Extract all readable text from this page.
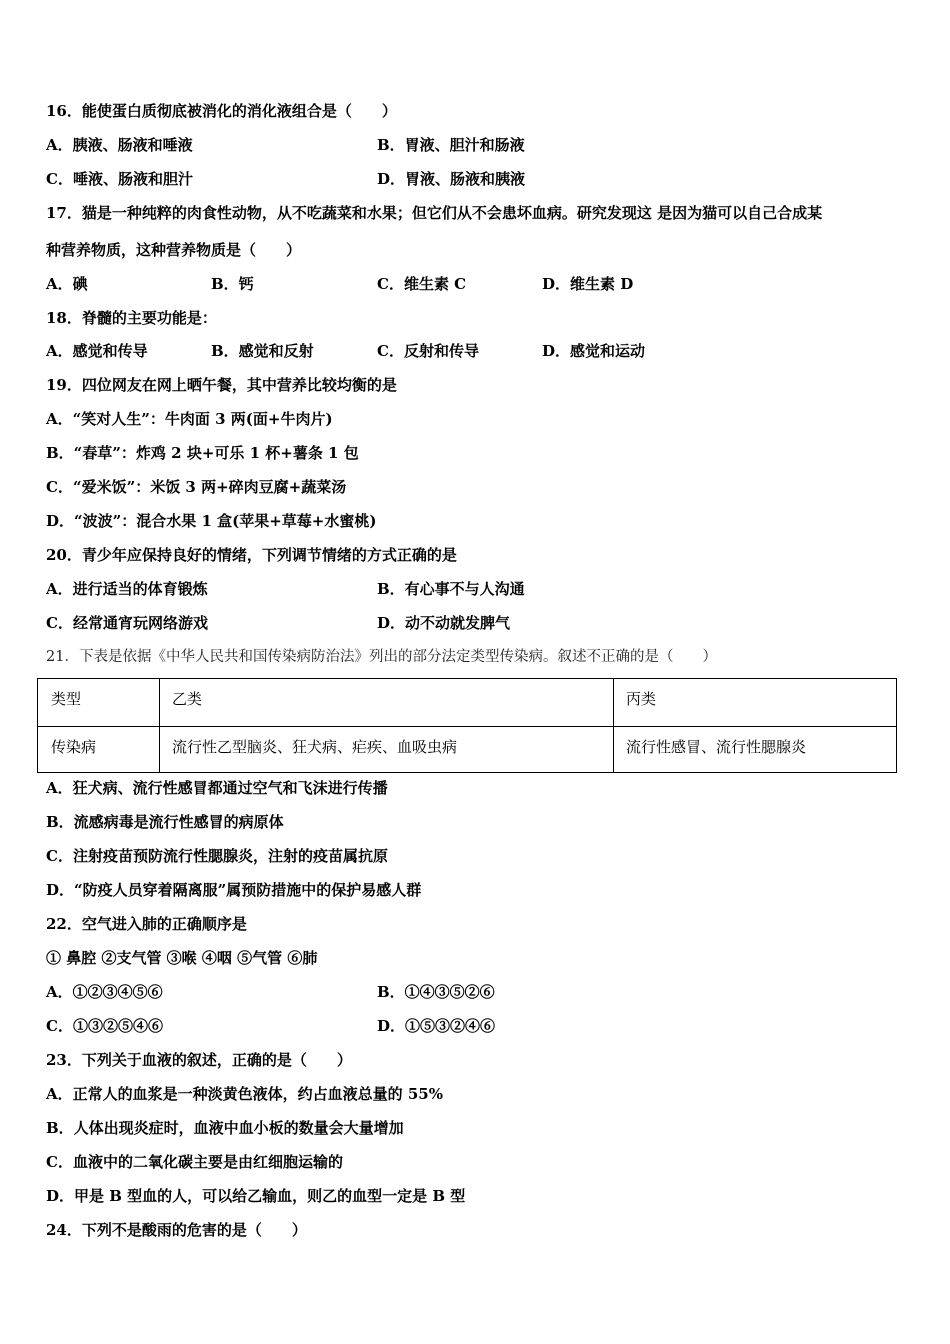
16．能使蛋白质彻底被消化的消化液组合是（　　）
A．胰液、肠液和唾液	B．胃液、胆汁和肠液
C．唾液、肠液和胆汁	D．胃液、肠液和胰液
17．猫是一种纯粹的肉食性动物，从不吃蔬菜和水果；但它们从不会患坏血病。研究发现这 是因为猫可以自己合成某
种营养物质，这种营养物质是（　　）
A．碘	B．钙	C．维生素 C	D．维生素 D
18．脊髓的主要功能是：
A．感觉和传导	B．感觉和反射	C．反射和传导	D．感觉和运动
19．四位网友在网上晒午餐，其中营养比较均衡的是
A．“笑对人生”：牛肉面 3 两(面+牛肉片)
B．“春草”：炸鸡 2 块+可乐 1 杯+薯条 1 包
C．“爱米饭”：米饭 3 两+碎肉豆腐+蔬菜汤
D．“波波”：混合水果 1 盒(苹果+草莓+水蜜桃)
20．青少年应保持良好的情绪，下列调节情绪的方式正确的是
A．进行适当的体育锻炼	B．有心事不与人沟通
C．经常通宵玩网络游戏	D．动不动就发脾气
21．下表是依据《中华人民共和国传染病防治法》列出的部分法定类型传染病。叙述不正确的是（　　）
类型	乙类	丙类
传染病	流行性乙型脑炎、狂犬病、疟疾、血吸虫病	流行性感冒、流行性腮腺炎
A．狂犬病、流行性感冒都通过空气和飞沫进行传播
B．流感病毒是流行性感冒的病原体
C．注射疫苗预防流行性腮腺炎，注射的疫苗属抗原
D．“防疫人员穿着隔离服”属预防措施中的保护易感人群
22．空气进入肺的正确顺序是
① 鼻腔 ②支气管 ③喉 ④咽 ⑤气管 ⑥肺
A．①②③④⑤⑥	B．①④③⑤②⑥
C．①③②⑤④⑥	D．①⑤③②④⑥
23．下列关于血液的叙述，正确的是（　　）
A．正常人的血浆是一种淡黄色液体，约占血液总量的 55%
B．人体出现炎症时，血液中血小板的数量会大量增加
C．血液中的二氧化碳主要是由红细胞运输的
D．甲是 B 型血的人，可以给乙输血，则乙的血型一定是 B 型
24．下列不是酸雨的危害的是（　　）
